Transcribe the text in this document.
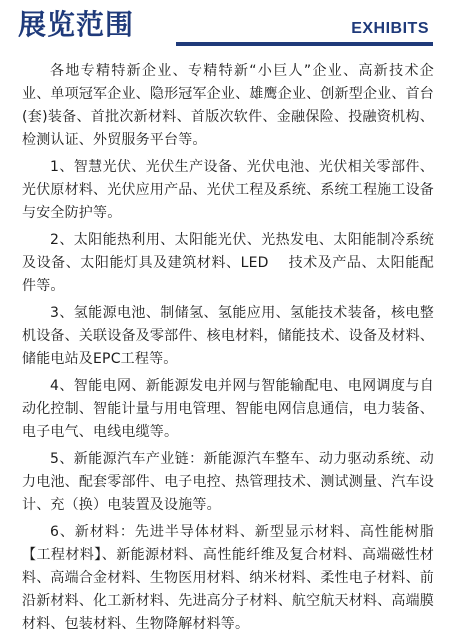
展览范围	EXHIBITS

各地专精特新企业、专精特新“小巨人”企业、高新技术企业、单项冠军企业、隐形冠军企业、雄鹰企业、创新型企业、首台(套)装备、首批次新材料、首版次软件、金融保险、投融资机构、检测认证、外贸服务平台等。

1、智慧光伏、光伏生产设备、光伏电池、光伏相关零部件、光伏原材料、光伏应用产品、光伏工程及系统、系统工程施工设备与安全防护等。

2、太阳能热利用、太阳能光伏、光热发电、太阳能制冷系统及设备、太阳能灯具及建筑材料、LED　 技术及产品、太阳能配件等。

3、氢能源电池、制储氢、氢能应用、氢能技术装备，核电整机设备、关联设备及零部件、核电材料，储能技术、设备及材料、储能电站及EPC工程等。

4、智能电网、新能源发电并网与智能输配电、电网调度与自动化控制、智能计量与用电管理、智能电网信息通信，电力装备、电子电气、电线电缆等。

5、新能源汽车产业链：新能源汽车整车、动力驱动系统、动力电池、配套零部件、电子电控、热管理技术、测试测量、汽车设计、充（换）电装置及设施等。

6、新材料：先进半导体材料、新型显示材料、高性能树脂【工程材料】、新能源材料、高性能纤维及复合材料、高端磁性材料、高端合金材料、生物医用材料、纳米材料、柔性电子材料、前沿新材料、化工新材料、先进高分子材料、航空航天材料、高端膜材料、包装材料、生物降解材料等。
